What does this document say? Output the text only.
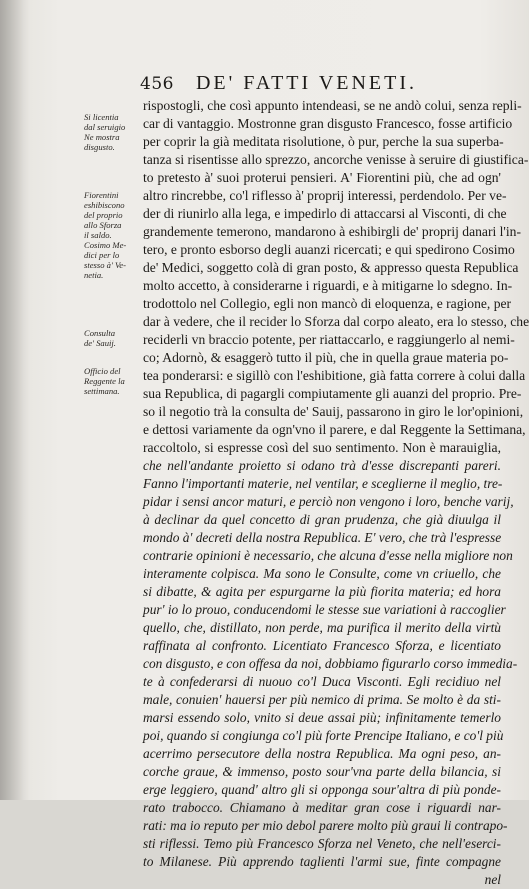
456 DE' FATTI VENETI.
Si licentia
dal seruigio
Ne mostra
disgusto.
Fiorentini
eshibiscono
del proprio
allo Sforza
il saldo.
Cosimo Me-
dici per lo
stesso à' Ve-
netia.
Consulta
de' Sauij.
Officio del
Reggente la
settimana.
rispostogli, che così appunto intendeasi, se ne andò colui, senza repli-
car di vantaggio. Mostronne gran disgusto Francesco, fosse artificio
per coprir la già meditata risolutione, ò pur, perche la sua superba-
tanza si risentisse allo sprezzo, ancorche venisse à seruire di giustifica-
to pretesto à' suoi proterui pensieri. A' Fiorentini più, che ad ogn'
altro rincrebbe, co'l riflesso à' proprij interessi, perdendolo. Per ve-
der di riunirlo alla lega, e impedirlo di attaccarsi al Visconti, di che
grandemente temerono, mandarono à eshibirgli de' proprij danari l'in-
tero, e pronto esborso degli auanzi ricercati; e qui spedirono Cosimo
de' Medici, soggetto colà di gran posto, & appresso questa Republica
molto accetto, à considerarne i riguardi, e à mitigarne lo sdegno. In-
trodottolo nel Collegio, egli non mancò di eloquenza, e ragione, per
dar à vedere, che il recider lo Sforza dal corpo aleato, era lo stesso, che
reciderli vn braccio potente, per riattaccarlo, e raggiungerlo al nemi-
co; Adornò, & esaggerò tutto il più, che in quella graue materia po-
tea ponderarsi: e sigillò con l'eshibitione, già fatta correre à colui dalla
sua Republica, di pagargli compiutamente gli auanzi del proprio. Pre-
so il negotio trà la consulta de' Sauij, passarono in giro le lor'opinioni,
e dettosi variamente da ogn'vno il parere, e dal Reggente la Settimana,
raccoltolo, si espresse così del suo sentimento. Non è marauiglia,
che nell'andante proietto si odano trà d'esse discrepanti pareri.
Fanno l'importanti materie, nel ventilar, e sceglierne il meglio, tre-
pidar i sensi ancor maturi, e perciò non vengono i loro, benche varij,
à declinar da quel concetto di gran prudenza, che già diuulga il
mondo à' decreti della nostra Republica. E' vero, che trà l'espresse
contrarie opinioni è necessario, che alcuna d'esse nella migliore non
interamente colpisca. Ma sono le Consulte, come vn criuello, che
si dibatte, & agita per espurgarne la più fiorita materia; ed hora
pur' io lo prouo, conducendomi le stesse sue variationi à raccoglier
quello, che, distillato, non perde, ma purifica il merito della virtù
raffinata al confronto. Licentiato Francesco Sforza, e licentiato
con disgusto, e con offesa da noi, dobbiamo figurarlo corso immedia-
te à confederarsi di nuouo co'l Duca Visconti. Egli recidiuo nel
male, conuien' hauersi per più nemico di prima. Se molto è da sti-
marsi essendo solo, vnito si deue assai più; infinitamente temerlo
poi, quando si congiunga co'l più forte Prencipe Italiano, e co'l più
acerrimo persecutore della nostra Republica. Ma ogni peso, an-
corche graue, & immenso, posto sour'vna parte della bilancia, si
erge leggiero, quand' altro gli si opponga sour'altra di più ponde-
rato trabocco. Chiamano à meditar gran cose i riguardi nar-
rati: ma io reputo per mio debol parere molto più graui li contrapo-
sti riflessi. Temo più Francesco Sforza nel Veneto, che nell'eserci-
to Milanese. Più apprendo taglienti l'armi sue, finte compagne
nel
